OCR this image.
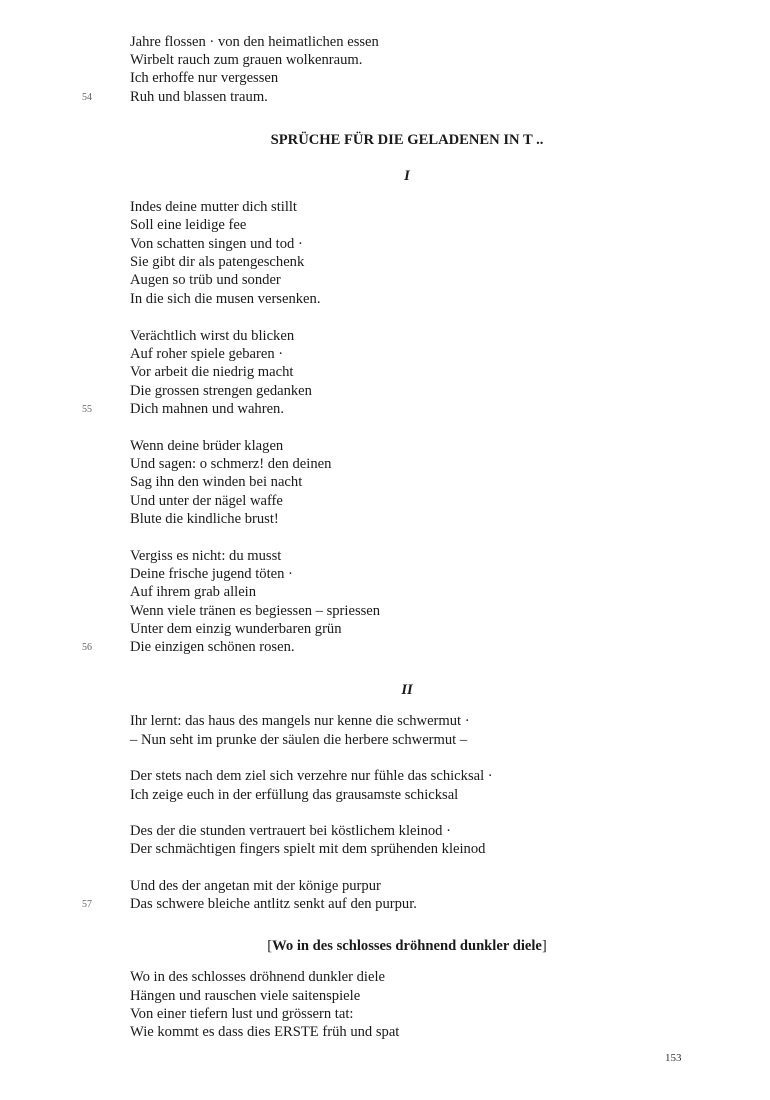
Jahre flossen · von den heimatlichen essen
Wirbelt rauch zum grauen wolkenraum.
Ich erhoffe nur vergessen
Ruh und blassen traum.
54
SPRÜCHE FÜR DIE GELADENEN IN T ..
I
Indes deine mutter dich stillt
Soll eine leidige fee
Von schatten singen und tod ·
Sie gibt dir als patengeschenk
Augen so trüb und sonder
In die sich die musen versenken.
Verächtlich wirst du blicken
Auf roher spiele gebaren ·
Vor arbeit die niedrig macht
Die grossen strengen gedanken
Dich mahnen und wahren.
55
Wenn deine brüder klagen
Und sagen: o schmerz! den deinen
Sag ihn den winden bei nacht
Und unter der nägel waffe
Blute die kindliche brust!
Vergiss es nicht: du musst
Deine frische jugend töten ·
Auf ihrem grab allein
Wenn viele tränen es begiessen – spriessen
Unter dem einzig wunderbaren grün
Die einzigen schönen rosen.
56
II
Ihr lernt: das haus des mangels nur kenne die schwermut ·
– Nun seht im prunke der säulen die herbere schwermut –
Der stets nach dem ziel sich verzehre nur fühle das schicksal ·
Ich zeige euch in der erfüllung das grausamste schicksal
Des der die stunden vertrauert bei köstlichem kleinod ·
Der schmächtigen fingers spielt mit dem sprühenden kleinod
Und des der angetan mit der könige purpur
Das schwere bleiche antlitz senkt auf den purpur.
57
[Wo in des schlosses dröhnend dunkler diele]
Wo in des schlosses dröhnend dunkler diele
Hängen und rauschen viele saitenspiele
Von einer tiefern lust und grössern tat:
Wie kommt es dass dies ERSTE früh und spat
153
